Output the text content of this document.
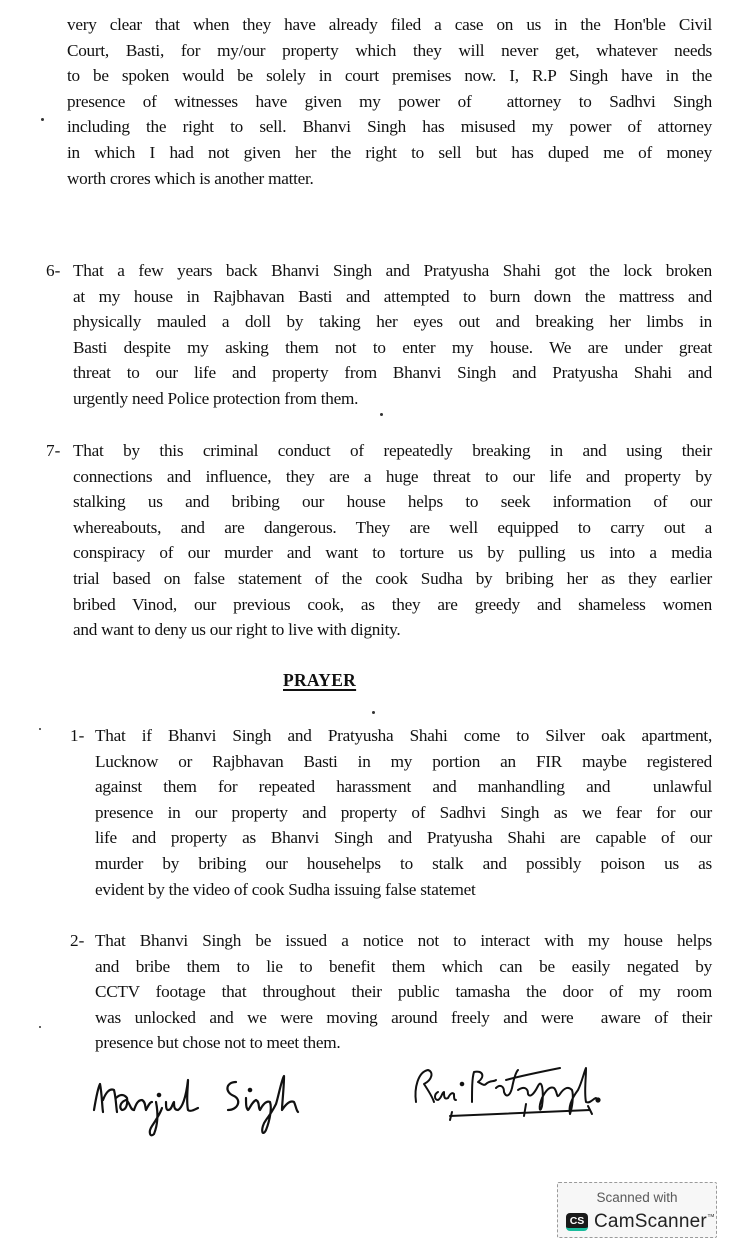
very clear that when they have already filed a case on us in the Hon'ble Civil

Court, Basti, for my/our property which they will never get, whatever needs

to be spoken would be solely in court premises now. I, R.P Singh have in the

presence of witnesses have given my power of  attorney to Sadhvi Singh

including the right to sell. Bhanvi Singh has misused my power of attorney

in which I had not given her the right to sell but has duped me of money

worth crores which is another matter.

6- That a few years back Bhanvi Singh and Pratyusha Shahi got the lock broken

at my house in Rajbhavan Basti and attempted to burn down the mattress and

physically mauled a doll by taking her eyes out and breaking her limbs in

Basti despite my asking them not to enter my house. We are under great

threat to our life and property from Bhanvi Singh and Pratyusha Shahi and

urgently need Police protection from them.

7- That by this criminal conduct of repeatedly breaking in and using their

connections and influence, they are a huge threat to our life and property by

stalking us and bribing our house helps to seek information of our

whereabouts, and are dangerous. They are well equipped to carry out a

conspiracy of our murder and want to torture us by pulling us into a media

trial based on false statement of the cook Sudha by bribing her as they earlier

bribed Vinod, our previous cook, as they are greedy and shameless women

and want to deny us our right to live with dignity.

PRAYER
1- That if Bhanvi Singh and Pratyusha Shahi come to Silver oak apartment,

Lucknow or Rajbhavan Basti in my portion an FIR maybe registered

against them for repeated harassment and manhandling and  unlawful

presence in our property and property of Sadhvi Singh as we fear for our

life and property as Bhanvi Singh and Pratyusha Shahi are capable of our

murder by bribing our househelps to stalk and possibly poison us as

evident by the video of cook Sudha issuing false statemet

2- That Bhanvi Singh be issued a notice not to interact with my house helps

and bribe them to lie to benefit them which can be easily negated by

CCTV footage that throughout their public tamasha the door of my room

was unlocked and we were moving around freely and were  aware of their

presence but chose not to meet them.

Scanned with
CS CamScanner™
